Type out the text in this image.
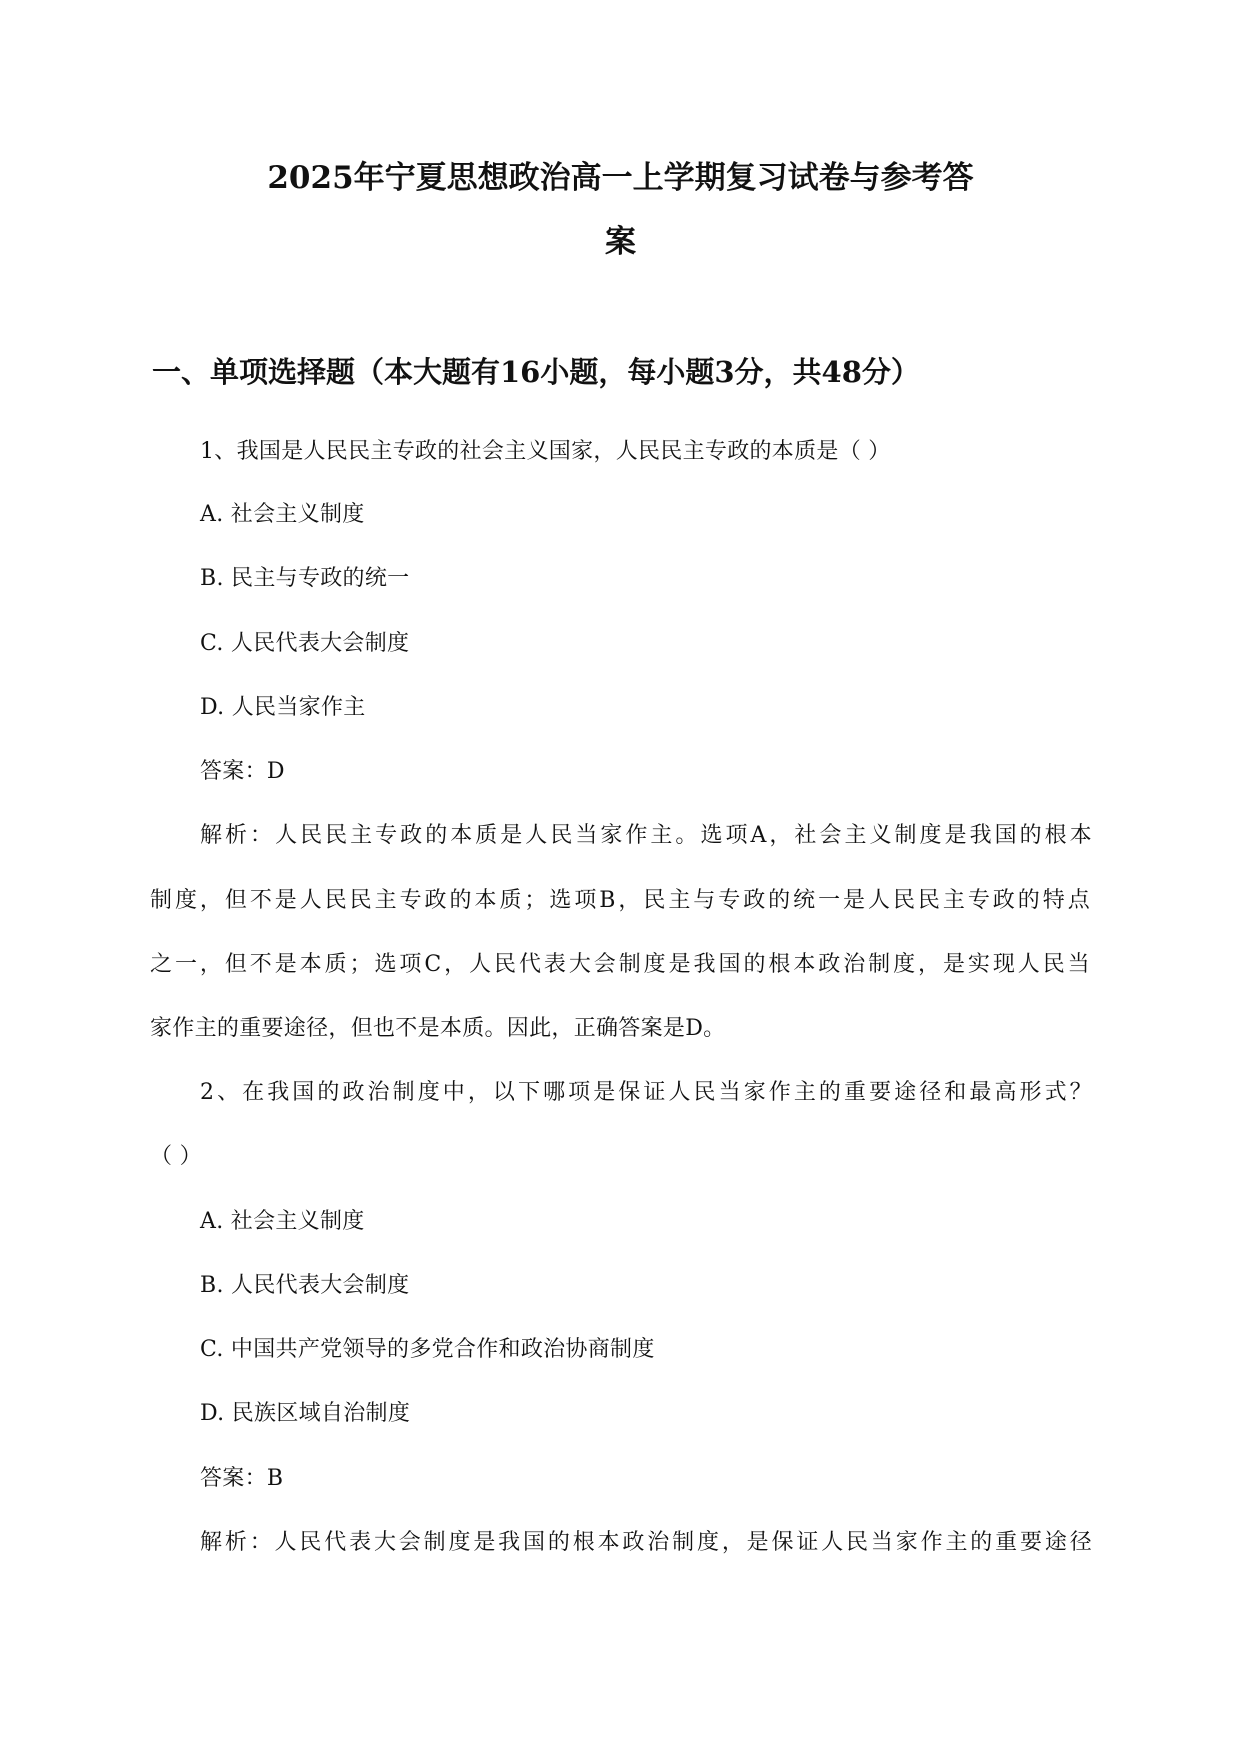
2025年宁夏思想政治高一上学期复习试卷与参考答
案
一、单项选择题（本大题有16小题，每小题3分，共48分）
1、我国是人民民主专政的社会主义国家，人民民主专政的本质是（ ）
A. 社会主义制度
B. 民主与专政的统一
C. 人民代表大会制度
D. 人民当家作主
答案：D
解析：人民民主专政的本质是人民当家作主。选项A，社会主义制度是我国的根本
制度，但不是人民民主专政的本质；选项B，民主与专政的统一是人民民主专政的特点
之一，但不是本质；选项C，人民代表大会制度是我国的根本政治制度，是实现人民当
家作主的重要途径，但也不是本质。因此，正确答案是D。
2、在我国的政治制度中，以下哪项是保证人民当家作主的重要途径和最高形式？
（ ）
A. 社会主义制度
B. 人民代表大会制度
C. 中国共产党领导的多党合作和政治协商制度
D. 民族区域自治制度
答案：B
解析：人民代表大会制度是我国的根本政治制度，是保证人民当家作主的重要途径
